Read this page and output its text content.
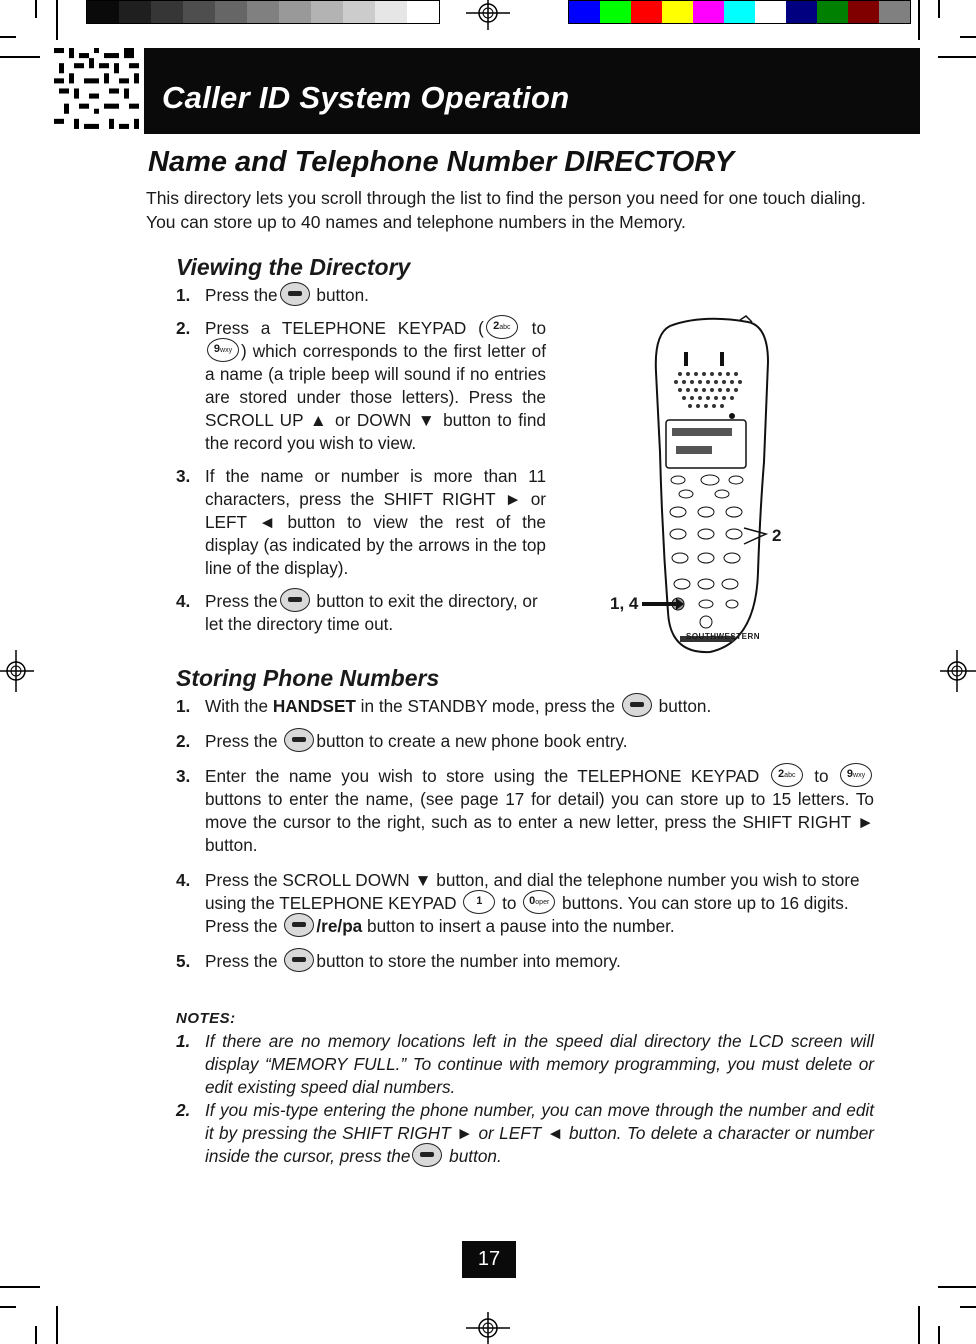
Caller ID System Operation
Name and Telephone Number DIRECTORY

This directory lets you scroll through the list to find the person you need for one touch dialing. You can store up to 40 names and telephone numbers in the Memory.

Viewing the Directory
1. Press the button.
2. Press a TELEPHONE KEYPAD ( 2abc to 9wxy ) which corresponds to the first letter of a name (a triple beep will sound if no entries are stored under those letters). Press the SCROLL UP ▲ or DOWN ▼ button to find the record you wish to view.
3. If the name or number is more than 11 characters, press the SHIFT RIGHT ► or LEFT ◄ button to view the rest of the display (as indicated by the arrows in the top line of the display).
4. Press the button to exit the directory, or let the directory time out.
2
1, 4
SOUTHWESTERN
Storing Phone Numbers
1. With the HANDSET in the STANDBY mode, press the  button.
2. Press the button to create a new phone book entry.
3. Enter the name you wish to store using the TELEPHONE KEYPAD 2abc to 9wxy buttons to enter the name, (see page 17 for detail) you can store up to 15 letters. To move the cursor to the right, such as to enter a new letter, press the SHIFT RIGHT ► button.
4. Press the SCROLL DOWN ▼ button, and dial the telephone number you wish to store using the TELEPHONE KEYPAD 1 to 0oper buttons. You can store up to 16 digits. Press the /re/pa button to insert a pause into the number.
5. Press the button to store the number into memory.
NOTES:
1. If there are no memory locations left in the speed dial directory the LCD screen will display “MEMORY FULL.” To continue with memory programming, you must delete or edit existing speed dial numbers.
2. If you mis-type entering the phone number, you can move through the number and edit it by pressing the SHIFT RIGHT ► or LEFT ◄ button. To delete a character or number inside the cursor, press the button.
17
